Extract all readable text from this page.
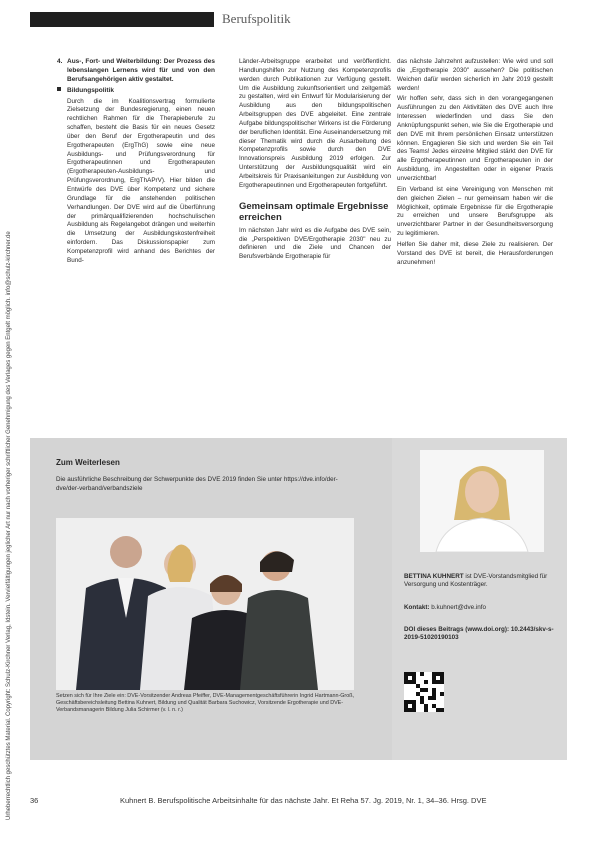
Berufspolitik
Urheberrechtlich geschütztes Material. Copyright: Schulz-Kirchner Verlag, Idstein. Vervielfältigungen jeglicher Art nur nach vorheriger schriftlicher Genehmigung des Verlages gegen Entgelt möglich. info@schulz-kirchner.de

4. Aus-, Fort- und Weiterbildung: Der Prozess des lebenslangen Lernens wird für und von den Berufsangehörigen aktiv gestaltet.

Bildungspolitik

Durch die im Koalitionsvertrag formulierte Zielsetzung der Bundesregierung, einen neuen rechtlichen Rahmen für die Therapieberufe zu schaffen, besteht die Basis für ein neues Gesetz über den Beruf der Ergotherapeutin und des Ergotherapeuten (ErgThG) sowie eine neue Ausbildungs- und Prüfungsverordnung für Ergotherapeutinnen und Ergotherapeuten (Ergotherapeuten-Ausbildungs- und Prüfungsverordnung, ErgThAPrV). Hier bilden die Entwürfe des DVE über Kompetenz und sichere Grundlage für die anstehenden politischen Verhandlungen. Der DVE wird auf die Überführung der primärqualifizierenden hochschulischen Ausbildung als Regelangebot drängen und weiterhin die Umsetzung der Ausbildungskostenfreiheit einfordern. Das Diskussionspapier zum Kompetenzprofil wird anhand des Berichtes der Bund-

Länder-Arbeitsgruppe erarbeitet und veröffentlicht. Handlungshilfen zur Nutzung des Kompetenzprofils werden durch Publikationen zur Verfügung gestellt. Um die Ausbildung zukunftsorientiert und zeitgemäß zu gestalten, wird ein Entwurf für Modularisierung der Ausbildung aus den bildungspolitischen Arbeitsgruppen des DVE abgeleitet. Eine zentrale Aufgabe bildungspolitischer Wirkens ist die Förderung der beruflichen Identität. Eine Auseinandersetzung mit dieser Thematik wird durch die Ausarbeitung des Kompetenzprofils sowie durch den DVE Innovationspreis Ausbildung 2019 erfolgen. Zur Unterstützung der Ausbildungsqualität wird ein Arbeitskreis für Praxisanleitungen zur Ausbildung von Ergotherapeutinnen und Ergotherapeuten fortgeführt.

Gemeinsam optimale Ergebnisse erreichen

Im nächsten Jahr wird es die Aufgabe des DVE sein, die „Perspektiven DVE/Ergotherapie 2030" neu zu definieren und die Ziele und Chancen der Berufsverbände Ergotherapie für

das nächste Jahrzehnt aufzustellen: Wie wird und soll die „Ergotherapie 2030" aussehen? Die politischen Weichen dafür werden sicherlich im Jahr 2019 gestellt werden!

Wir hoffen sehr, dass sich in den vorangegangenen Ausführungen zu den Aktivitäten des DVE auch Ihre Interessen wiederfinden und dass Sie den Anknüpfungspunkt sehen, wie Sie die Ergotherapie und den DVE mit Ihrem persönlichen Einsatz unterstützen können. Engagieren Sie sich und werden Sie ein Teil des Teams! Jedes einzelne Mitglied stärkt den DVE für alle Ergotherapeutinnen und Ergotherapeuten in der Ausbildung, im Angestellten oder in eigener Praxis unverzichtbar!

Ein Verband ist eine Vereinigung von Menschen mit den gleichen Zielen – nur gemeinsam haben wir die Möglichkeit, optimale Ergebnisse für die Ergotherapie zu erreichen und unsere Berufsgruppe als unverzichtbarer Partner in der Gesundheitsversorgung zu legitimieren.

Helfen Sie daher mit, diese Ziele zu realisieren. Der Vorstand des DVE ist bereit, die Herausforderungen anzunehmen!

Zum Weiterlesen
Die ausführliche Beschreibung der Schwerpunkte des DVE 2019 finden Sie unter https://dve.info/der-dve/der-verband/verbandsziele
Setzen sich für Ihre Ziele ein: DVE-Vorsitzender Andreas Pfeiffer, DVE-Managementgeschäftsführerin Ingrid Hartmann-Groß, Geschäftsbereichsleitung Bettina Kuhnert, Bildung und Qualität Barbara Suchowicz, Vorsitzende Ergotherapie und DVE-Verbandsmanagerin Bildung Julia Schirmer (v. l. n. r.)
BETTINA KUHNERT ist DVE-Vorstandsmitglied für Versorgung und Kostenträger.
Kontakt: b.kuhnert@dve.info
DOI dieses Beitrags (www.doi.org): 10.2443/skv-s-2019-51020190103
36	Kuhnert B. Berufspolitische Arbeitsinhalte für das nächste Jahr. Et Reha 57. Jg. 2019, Nr. 1, 34–36. Hrsg. DVE
